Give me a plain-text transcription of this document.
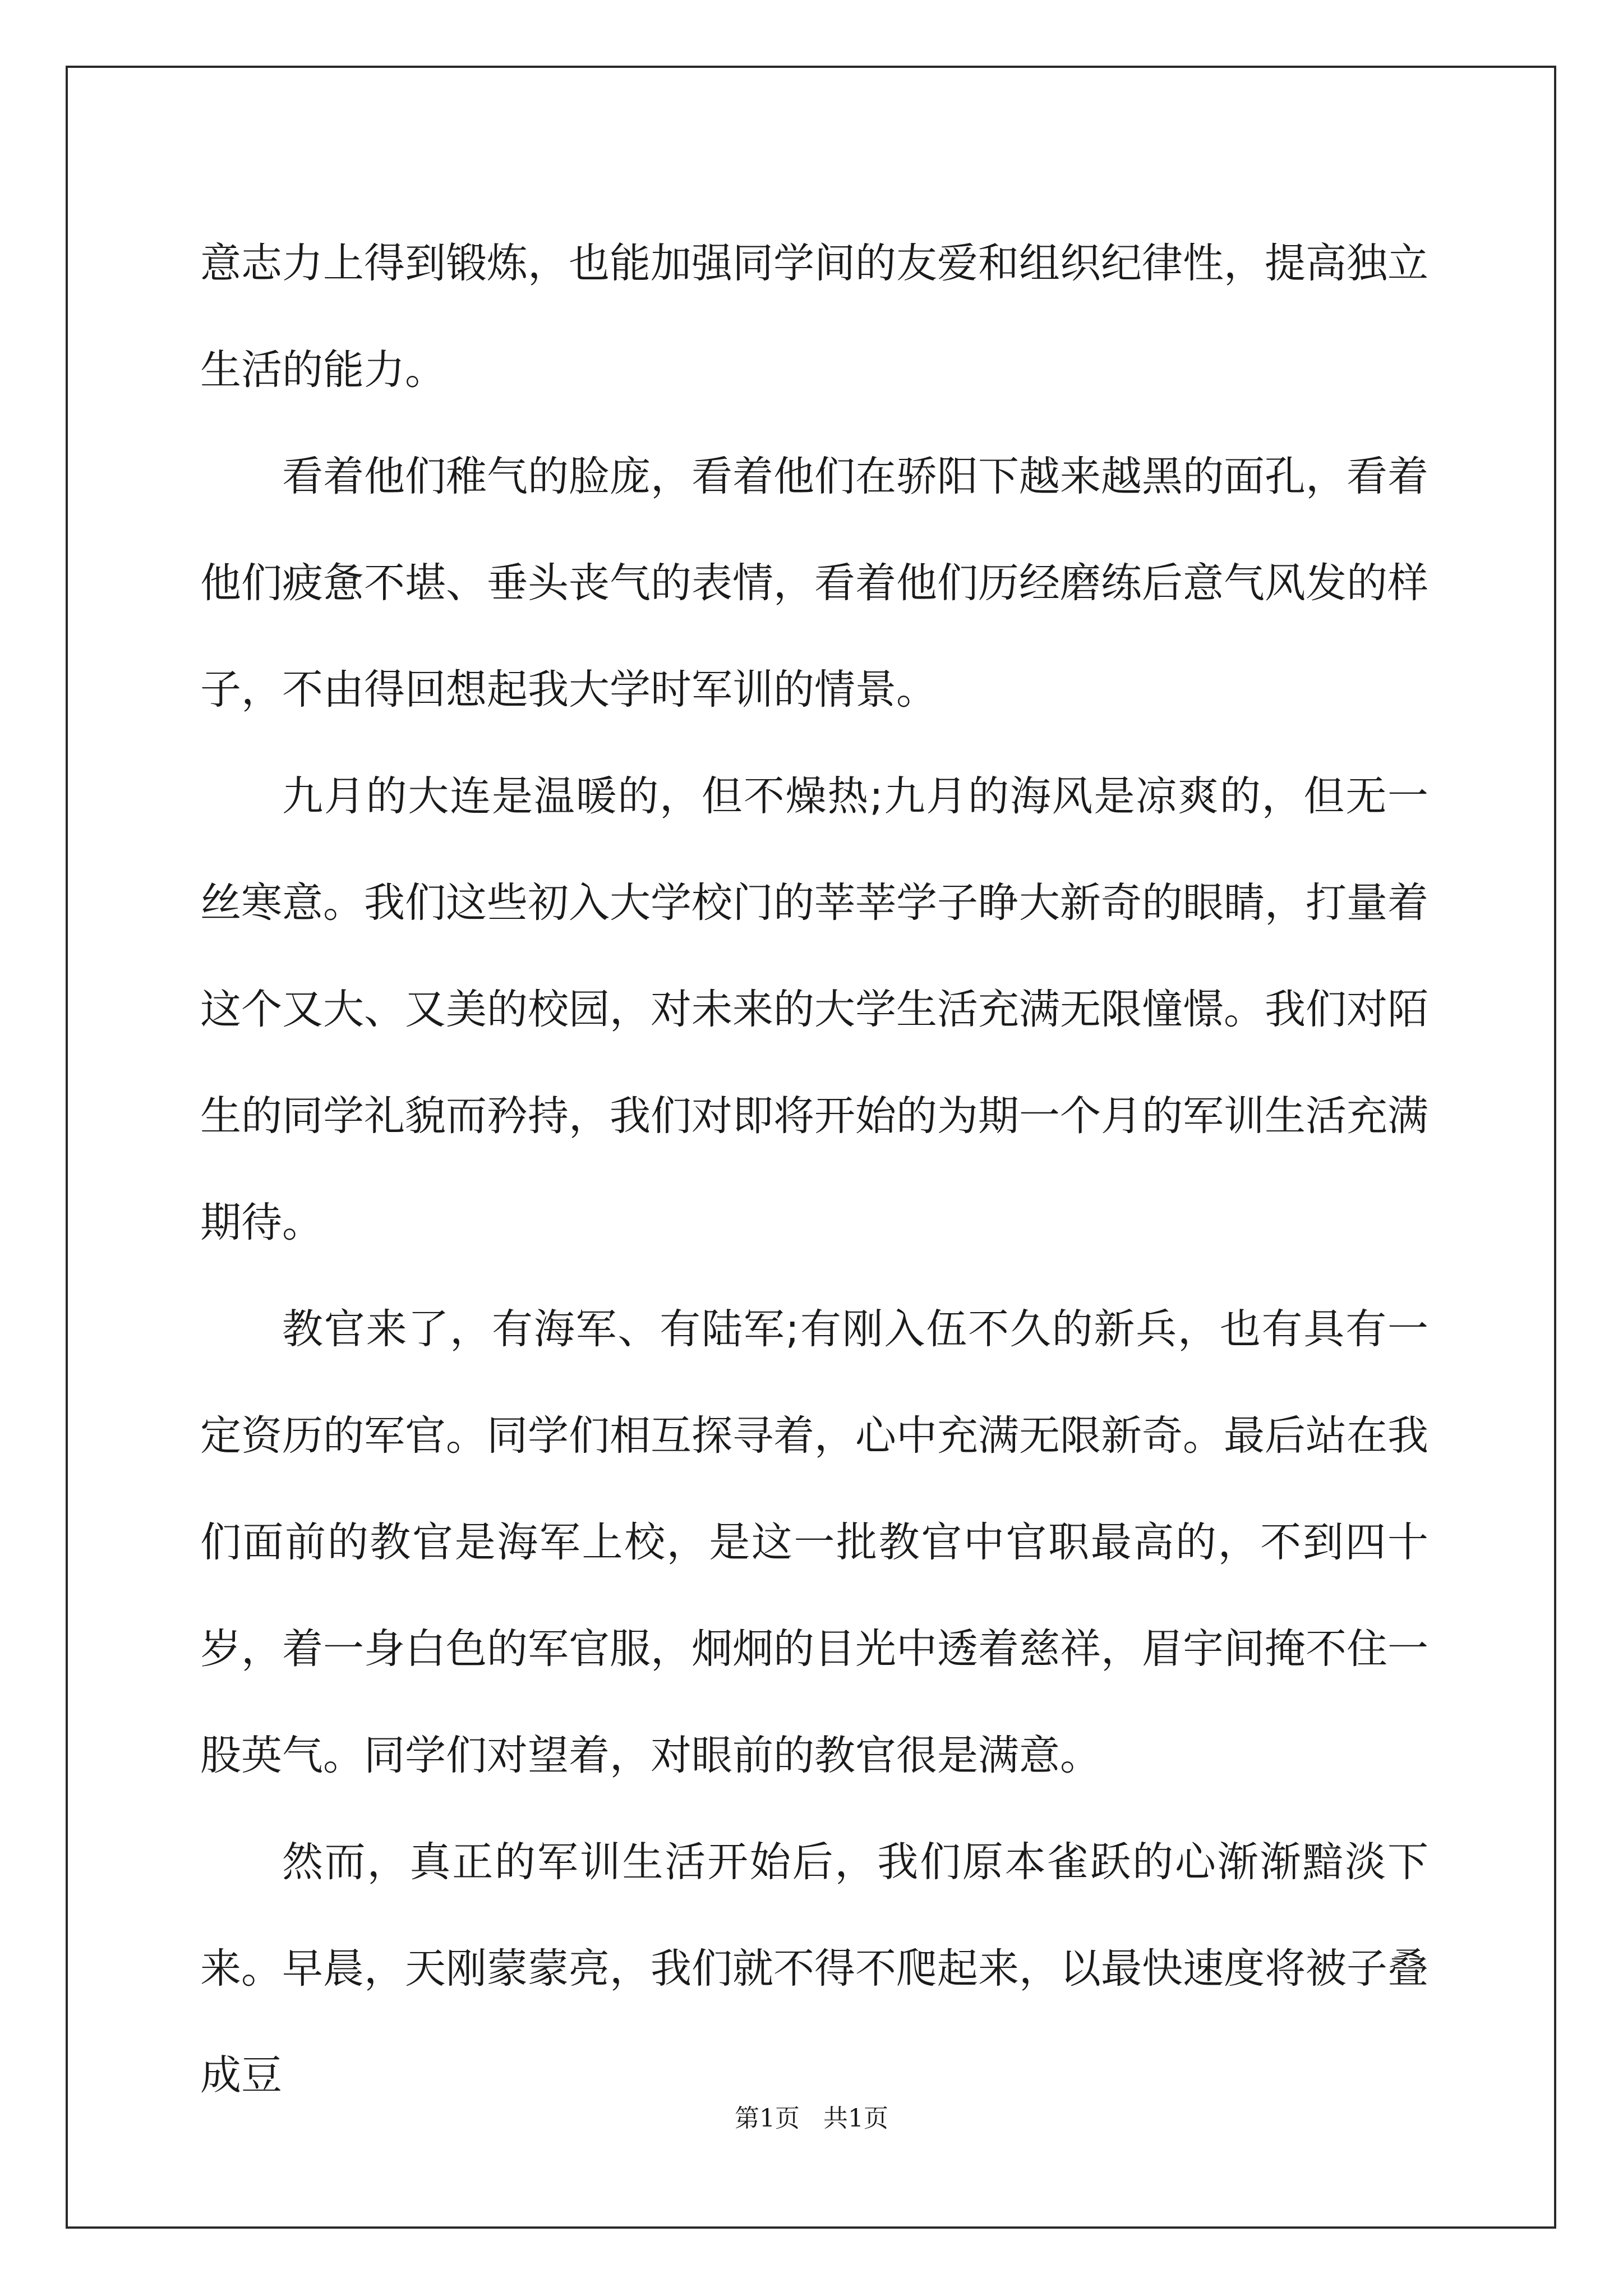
意志力上得到锻炼，也能加强同学间的友爱和组织纪律性，提高独立生活的能力。

看着他们稚气的脸庞，看着他们在骄阳下越来越黑的面孔，看着他们疲惫不堪、垂头丧气的表情，看着他们历经磨练后意气风发的样子，不由得回想起我大学时军训的情景。

九月的大连是温暖的，但不燥热;九月的海风是凉爽的，但无一丝寒意。我们这些初入大学校门的莘莘学子睁大新奇的眼睛，打量着这个又大、又美的校园，对未来的大学生活充满无限憧憬。我们对陌生的同学礼貌而矜持，我们对即将开始的为期一个月的军训生活充满期待。

教官来了，有海军、有陆军;有刚入伍不久的新兵，也有具有一定资历的军官。同学们相互探寻着，心中充满无限新奇。最后站在我们面前的教官是海军上校，是这一批教官中官职最高的，不到四十岁，着一身白色的军官服，炯炯的目光中透着慈祥，眉宇间掩不住一股英气。同学们对望着，对眼前的教官很是满意。

然而，真正的军训生活开始后，我们原本雀跃的心渐渐黯淡下来。早晨，天刚蒙蒙亮，我们就不得不爬起来，以最快速度将被子叠成豆

第1页   共1页
